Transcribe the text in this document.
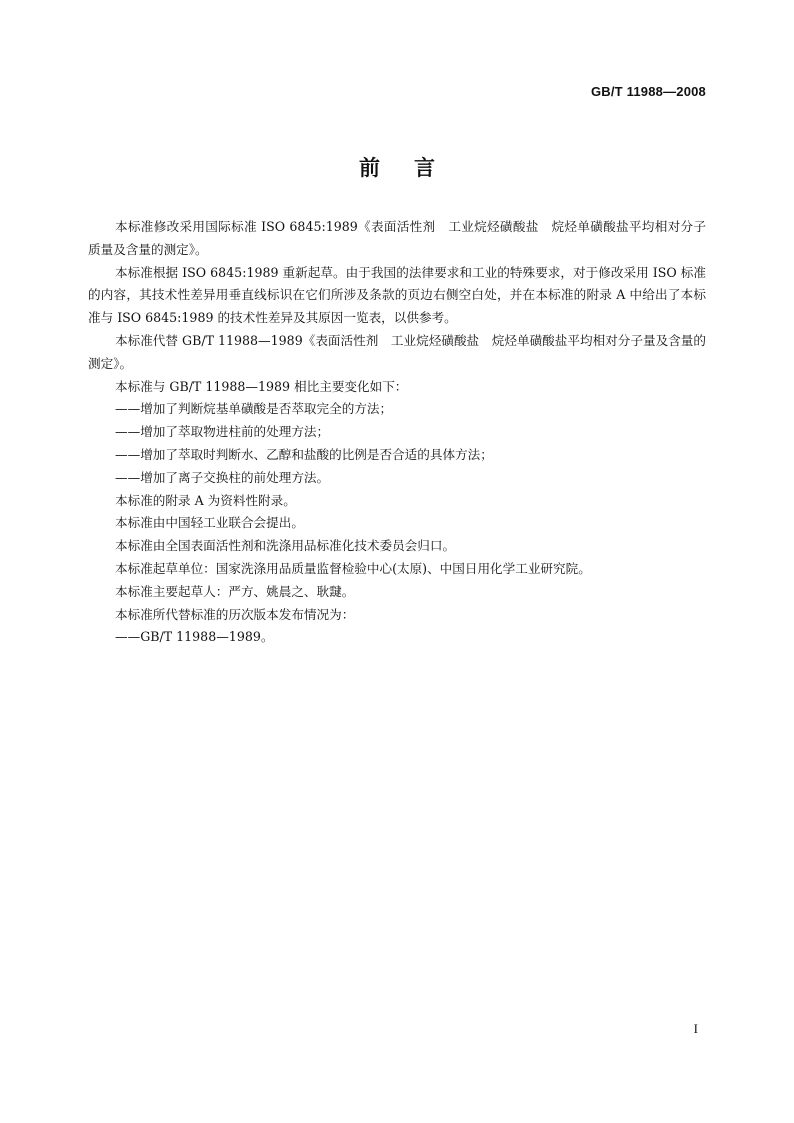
GB/T 11988—2008
前言

本标准修改采用国际标准 ISO 6845:1989《表面活性剂　工业烷烃磺酸盐　烷烃单磺酸盐平均相对分子质量及含量的测定》。

本标准根据 ISO 6845:1989 重新起草。由于我国的法律要求和工业的特殊要求，对于修改采用 ISO 标准的内容，其技术性差异用垂直线标识在它们所涉及条款的页边右侧空白处，并在本标准的附录 A 中给出了本标准与 ISO 6845:1989 的技术性差异及其原因一览表，以供参考。

本标准代替 GB/T 11988—1989《表面活性剂　工业烷烃磺酸盐　烷烃单磺酸盐平均相对分子量及含量的测定》。

本标准与 GB/T 11988—1989 相比主要变化如下：

——增加了判断烷基单磺酸是否萃取完全的方法；

——增加了萃取物进柱前的处理方法；

——增加了萃取时判断水、乙醇和盐酸的比例是否合适的具体方法；

——增加了离子交换柱的前处理方法。

本标准的附录 A 为资料性附录。

本标准由中国轻工业联合会提出。

本标准由全国表面活性剂和洗涤用品标准化技术委员会归口。

本标准起草单位：国家洗涤用品质量监督检验中心(太原)、中国日用化学工业研究院。

本标准主要起草人：严方、姚晨之、耿靆。

本标准所代替标准的历次版本发布情况为：

——GB/T 11988—1989。

I
